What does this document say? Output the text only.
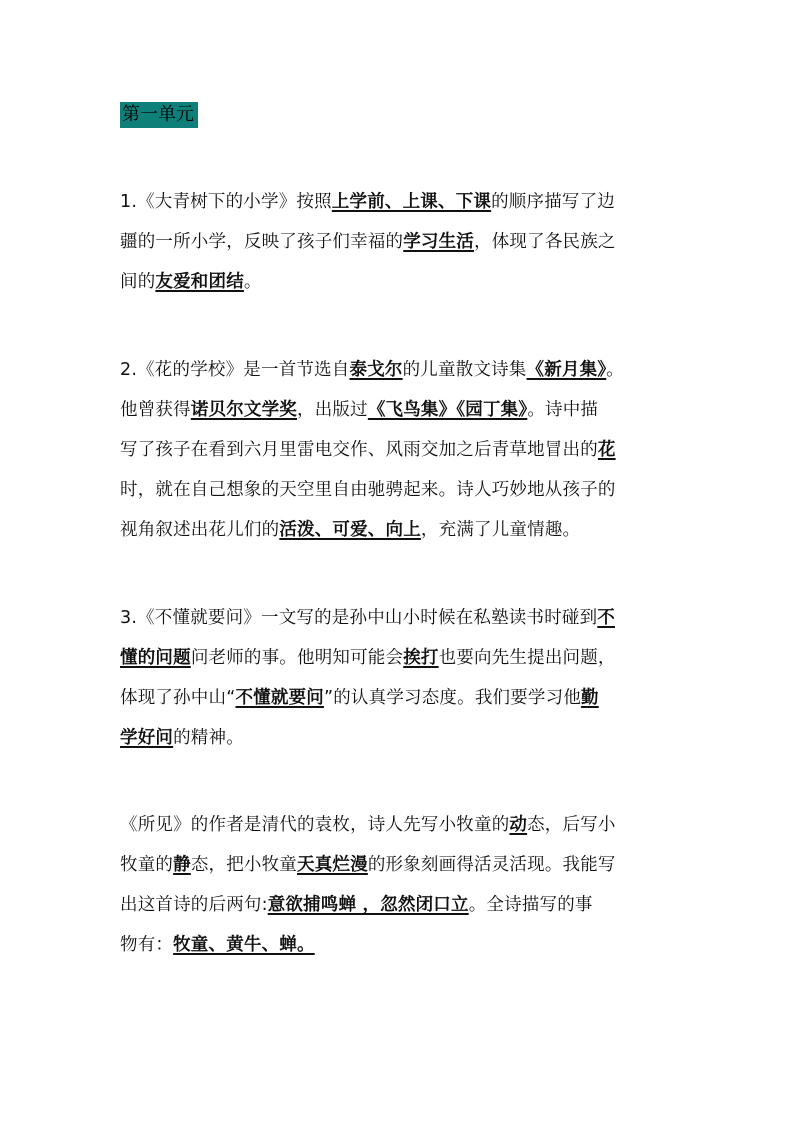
第一单元
1.《大青树下的小学》按照上学前、上课、下课的顺序描写了边
疆的一所小学，反映了孩子们幸福的学习生活，体现了各民族之
间的友爱和团结。
2.《花的学校》是一首节选自泰戈尔的儿童散文诗集《新月集》。
他曾获得诺贝尔文学奖，出版过《飞鸟集》《园丁集》。诗中描
写了孩子在看到六月里雷电交作、风雨交加之后青草地冒出的花
时，就在自己想象的天空里自由驰骋起来。诗人巧妙地从孩子的
视角叙述出花儿们的活泼、可爱、向上，充满了儿童情趣。
3.《不懂就要问》一文写的是孙中山小时候在私塾读书时碰到不
懂的问题问老师的事。他明知可能会挨打也要向先生提出问题，
体现了孙中山“不懂就要问”的认真学习态度。我们要学习他勤
学好问的精神。
《所见》的作者是清代的袁枚，诗人先写小牧童的动态，后写小
牧童的静态，把小牧童天真烂漫的形象刻画得活灵活现。我能写
出这首诗的后两句:意欲捕鸣蝉 ，忽然闭口立。全诗描写的事
物有：牧童、黄牛、蝉。
